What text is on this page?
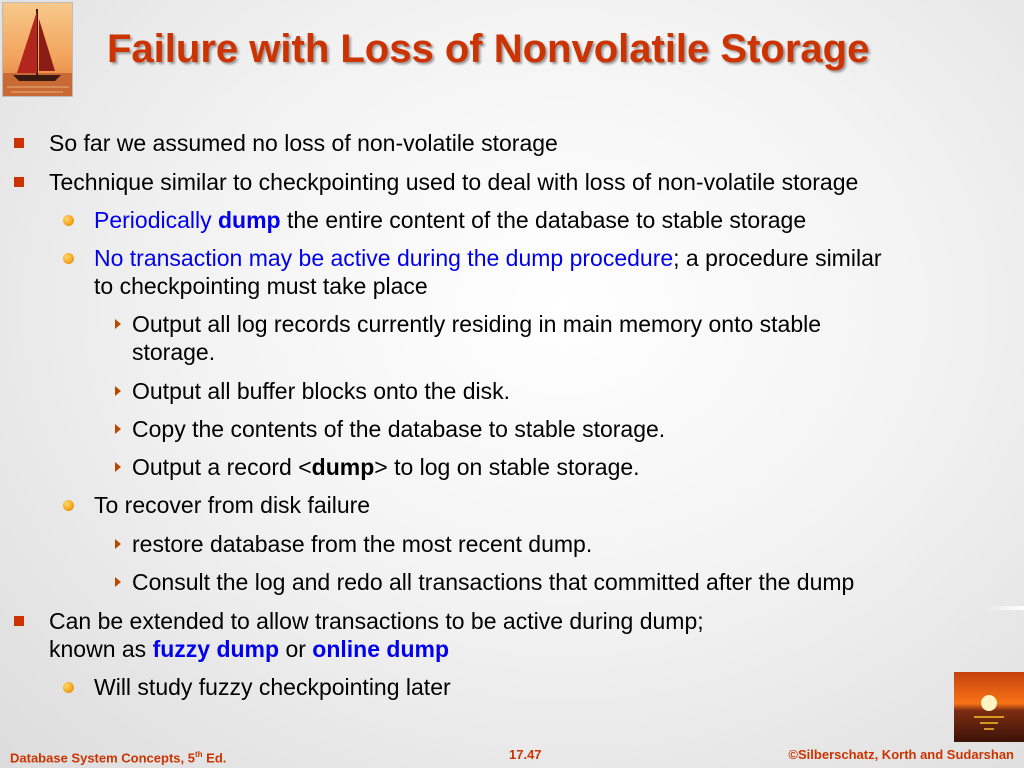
Failure with Loss of Nonvolatile Storage
So far we assumed no loss of non-volatile storage
Technique similar to checkpointing used to deal with loss of non-volatile storage
Periodically dump the entire content of the database to stable storage
No transaction may be active during the dump procedure; a procedure similar
to checkpointing must take place
Output all log records currently residing in main memory onto stable
storage.
Output all buffer blocks onto the disk.
Copy the contents of the database to stable storage.
Output a record <dump> to log on stable storage.
To recover from disk failure
restore database from the most recent dump.
Consult the log and redo all transactions that committed after the dump
Can be extended to allow transactions to be active during dump;
known as fuzzy dump or online dump
Will study fuzzy checkpointing later
Database System Concepts, 5th Ed.	17.47	©Silberschatz, Korth and Sudarshan
